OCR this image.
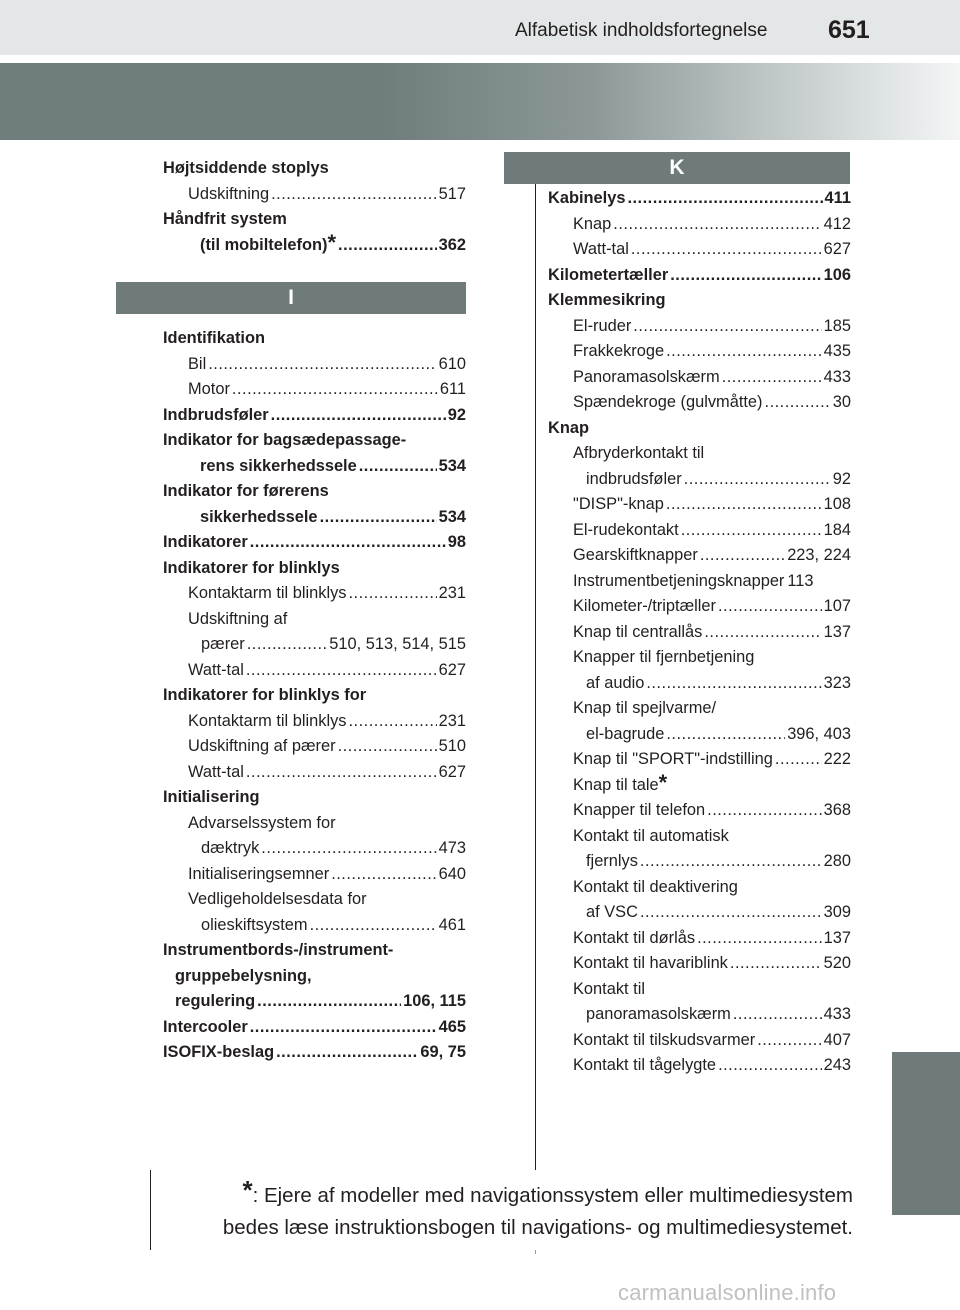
Alfabetisk indholdsfortegnelse 651
Højtsiddende stoplys
Udskiftning .....	517
Håndfrit system
(til mobiltelefon) * .....	362
I
Identifikation
Bil .....	610
Motor .....	611
Indbrudsføler .....	92
Indikator for bagsædepassage-
rens sikkerhedssele .....	534
Indikator for førerens
sikkerhedssele .....	534
Indikatorer .....	98
Indikatorer for blinklys
Kontaktarm til blinklys .....	231
Udskiftning af
pærer .....	510, 513, 514, 515
Watt-tal .....	627
Indikatorer for blinklys for
Kontaktarm til blinklys .....	231
Udskiftning af pærer .....	510
Watt-tal .....	627
Initialisering
Advarselssystem for
dæktryk .....	473
Initialiseringsemner .....	640
Vedligeholdelsesdata for
olieskiftsystem .....	461
Instrumentbords-/instrument-
gruppebelysning,
regulering .....	106, 115
Intercooler .....	465
ISOFIX-beslag .....	69, 75
K
Kabinelys .....	411
Knap .....	412
Watt-tal .....	627
Kilometertæller .....	106
Klemmesikring
El-ruder .....	185
Frakkekroge .....	435
Panoramasolskærm .....	433
Spændekroge (gulvmåtte) .....	30
Knap
Afbryderkontakt til
indbrudsføler .....	92
"DISP"-knap .....	108
El-rudekontakt .....	184
Gearskiftknapper .....	223, 224
Instrumentbetjeningsknapper 113
Kilometer-/triptæller .....	107
Knap til centrallås .....	137
Knapper til fjernbetjening
af audio .....	323
Knap til spejlvarme/
el-bagrude .....	396, 403
Knap til "SPORT"-indstilling .....	222
Knap til tale *
Knapper til telefon .....	368
Kontakt til automatisk
fjernlys .....	280
Kontakt til deaktivering
af VSC .....	309
Kontakt til dørlås .....	137
Kontakt til havariblink .....	520
Kontakt til
panoramasolskærm .....	433
Kontakt til tilskudsvarmer .....	407
Kontakt til tågelygte .....	243
*: Ejere af modeller med navigationssystem eller multimediesystem
bedes læse instruktionsbogen til navigations- og multimediesystemet.
carmanualsonline.info
